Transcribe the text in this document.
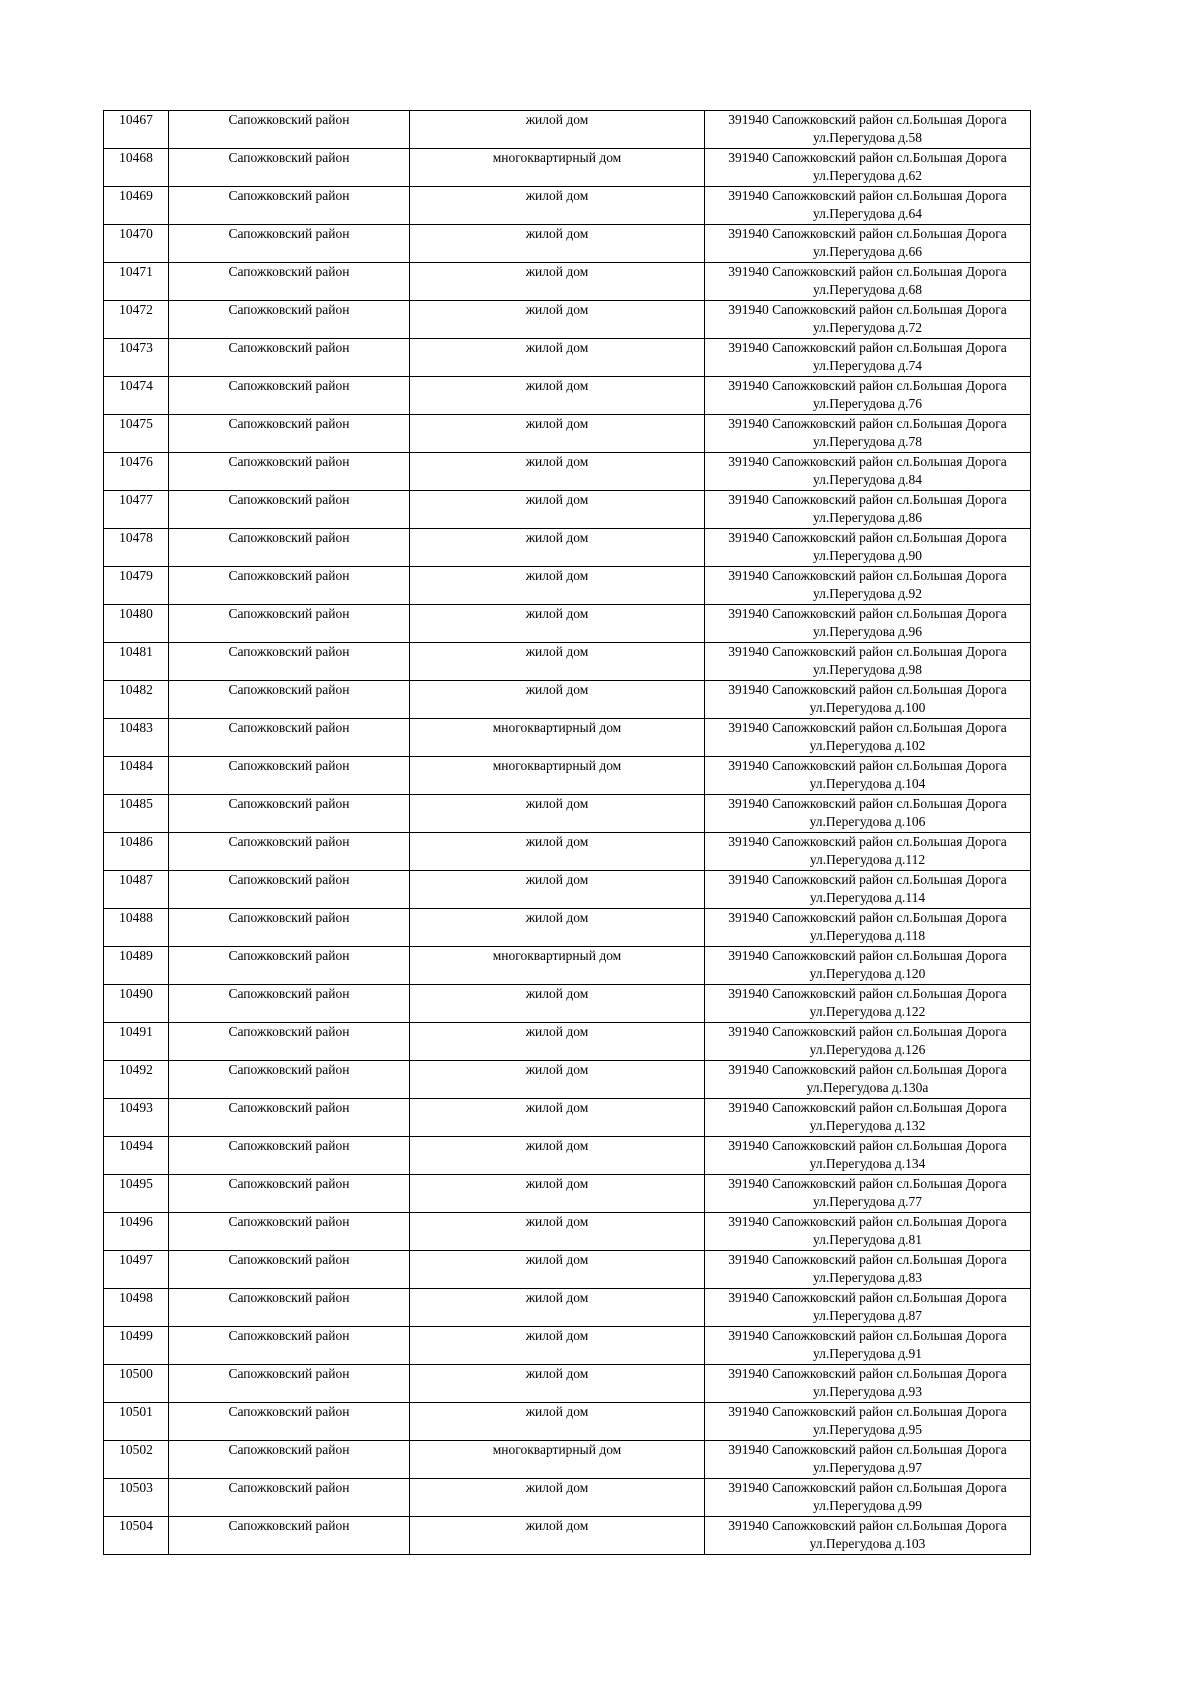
10467	Сапожковский район	жилой дом	391940 Сапожковский район сл.Большая Дорога
ул.Перегудова д.58

10468	Сапожковский район	многоквартирный дом	391940 Сапожковский район сл.Большая Дорога
ул.Перегудова д.62

10469	Сапожковский район	жилой дом	391940 Сапожковский район сл.Большая Дорога
ул.Перегудова д.64

10470	Сапожковский район	жилой дом	391940 Сапожковский район сл.Большая Дорога
ул.Перегудова д.66

10471	Сапожковский район	жилой дом	391940 Сапожковский район сл.Большая Дорога
ул.Перегудова д.68

10472	Сапожковский район	жилой дом	391940 Сапожковский район сл.Большая Дорога
ул.Перегудова д.72

10473	Сапожковский район	жилой дом	391940 Сапожковский район сл.Большая Дорога
ул.Перегудова д.74

10474	Сапожковский район	жилой дом	391940 Сапожковский район сл.Большая Дорога
ул.Перегудова д.76

10475	Сапожковский район	жилой дом	391940 Сапожковский район сл.Большая Дорога
ул.Перегудова д.78

10476	Сапожковский район	жилой дом	391940 Сапожковский район сл.Большая Дорога
ул.Перегудова д.84

10477	Сапожковский район	жилой дом	391940 Сапожковский район сл.Большая Дорога
ул.Перегудова д.86

10478	Сапожковский район	жилой дом	391940 Сапожковский район сл.Большая Дорога
ул.Перегудова д.90

10479	Сапожковский район	жилой дом	391940 Сапожковский район сл.Большая Дорога
ул.Перегудова д.92

10480	Сапожковский район	жилой дом	391940 Сапожковский район сл.Большая Дорога
ул.Перегудова д.96

10481	Сапожковский район	жилой дом	391940 Сапожковский район сл.Большая Дорога
ул.Перегудова д.98

10482	Сапожковский район	жилой дом	391940 Сапожковский район сл.Большая Дорога
ул.Перегудова д.100

10483	Сапожковский район	многоквартирный дом	391940 Сапожковский район сл.Большая Дорога
ул.Перегудова д.102

10484	Сапожковский район	многоквартирный дом	391940 Сапожковский район сл.Большая Дорога
ул.Перегудова д.104

10485	Сапожковский район	жилой дом	391940 Сапожковский район сл.Большая Дорога
ул.Перегудова д.106

10486	Сапожковский район	жилой дом	391940 Сапожковский район сл.Большая Дорога
ул.Перегудова д.112

10487	Сапожковский район	жилой дом	391940 Сапожковский район сл.Большая Дорога
ул.Перегудова д.114

10488	Сапожковский район	жилой дом	391940 Сапожковский район сл.Большая Дорога
ул.Перегудова д.118

10489	Сапожковский район	многоквартирный дом	391940 Сапожковский район сл.Большая Дорога
ул.Перегудова д.120

10490	Сапожковский район	жилой дом	391940 Сапожковский район сл.Большая Дорога
ул.Перегудова д.122

10491	Сапожковский район	жилой дом	391940 Сапожковский район сл.Большая Дорога
ул.Перегудова д.126

10492	Сапожковский район	жилой дом	391940 Сапожковский район сл.Большая Дорога
ул.Перегудова д.130а

10493	Сапожковский район	жилой дом	391940 Сапожковский район сл.Большая Дорога
ул.Перегудова д.132

10494	Сапожковский район	жилой дом	391940 Сапожковский район сл.Большая Дорога
ул.Перегудова д.134

10495	Сапожковский район	жилой дом	391940 Сапожковский район сл.Большая Дорога
ул.Перегудова д.77

10496	Сапожковский район	жилой дом	391940 Сапожковский район сл.Большая Дорога
ул.Перегудова д.81

10497	Сапожковский район	жилой дом	391940 Сапожковский район сл.Большая Дорога
ул.Перегудова д.83

10498	Сапожковский район	жилой дом	391940 Сапожковский район сл.Большая Дорога
ул.Перегудова д.87

10499	Сапожковский район	жилой дом	391940 Сапожковский район сл.Большая Дорога
ул.Перегудова д.91

10500	Сапожковский район	жилой дом	391940 Сапожковский район сл.Большая Дорога
ул.Перегудова д.93

10501	Сапожковский район	жилой дом	391940 Сапожковский район сл.Большая Дорога
ул.Перегудова д.95

10502	Сапожковский район	многоквартирный дом	391940 Сапожковский район сл.Большая Дорога
ул.Перегудова д.97

10503	Сапожковский район	жилой дом	391940 Сапожковский район сл.Большая Дорога
ул.Перегудова д.99

10504	Сапожковский район	жилой дом	391940 Сапожковский район сл.Большая Дорога
ул.Перегудова д.103
